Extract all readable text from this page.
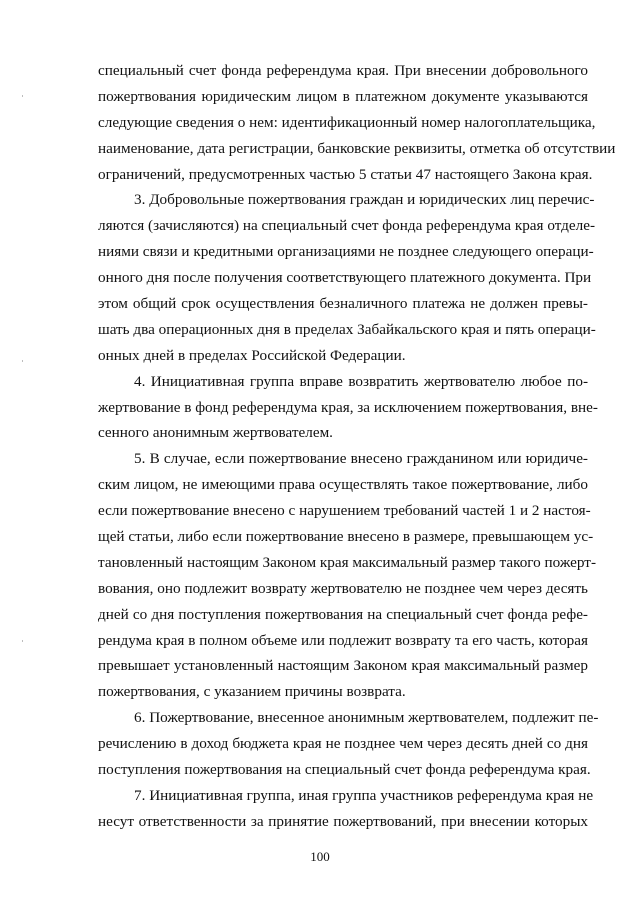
специальный счет фонда референдума края. При внесении добровольного
пожертвования юридическим лицом в платежном документе указываются
следующие сведения о нем: идентификационный номер налогоплательщика,
наименование, дата регистрации, банковские реквизиты, отметка об отсутствии
ограничений, предусмотренных частью 5 статьи 47 настоящего Закона края.
3. Добровольные пожертвования граждан и юридических лиц перечис-
ляются (зачисляются) на специальный счет фонда референдума края отделе-
ниями связи и кредитными организациями не позднее следующего операци-
онного дня после получения соответствующего платежного документа. При
этом общий срок осуществления безналичного платежа не должен превы-
шать два операционных дня в пределах Забайкальского края и пять операци-
онных дней в пределах Российской Федерации.
4. Инициативная группа вправе возвратить жертвователю любое по-
жертвование в фонд референдума края, за исключением пожертвования, вне-
сенного анонимным жертвователем.
5. В случае, если пожертвование внесено гражданином или юридиче-
ским лицом, не имеющими права осуществлять такое пожертвование, либо
если пожертвование внесено с нарушением требований частей 1 и 2 настоя-
щей статьи, либо если пожертвование внесено в размере, превышающем ус-
тановленный настоящим Законом края максимальный размер такого пожерт-
вования, оно подлежит возврату жертвователю не позднее чем через десять
дней со дня поступления пожертвования на специальный счет фонда рефе-
рендума края в полном объеме или подлежит возврату та его часть, которая
превышает установленный настоящим Законом края максимальный размер
пожертвования, с указанием причины возврата.
6. Пожертвование, внесенное анонимным жертвователем, подлежит пе-
речислению в доход бюджета края не позднее чем через десять дней со дня
поступления пожертвования на специальный счет фонда референдума края.
7. Инициативная группа, иная группа участников референдума края не
несут ответственности за принятие пожертвований, при внесении которых
100
